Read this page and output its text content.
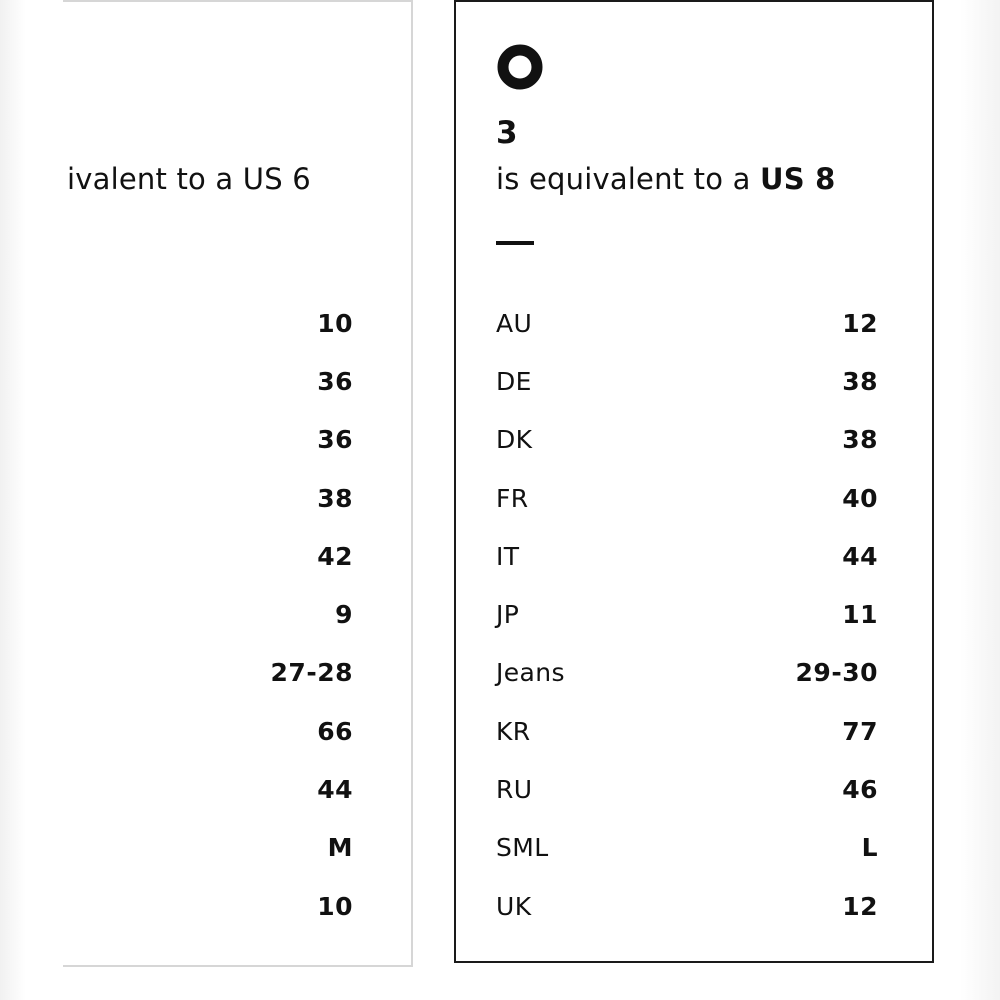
ivalent to a US 6
10
36
36
38
42
9
27-28
66
44
M
10
3
is equivalent to a US 8
AU	12
DE	38
DK	38
FR	40
IT	44
JP	11
Jeans	29-30
KR	77
RU	46
SML	L
UK	12
